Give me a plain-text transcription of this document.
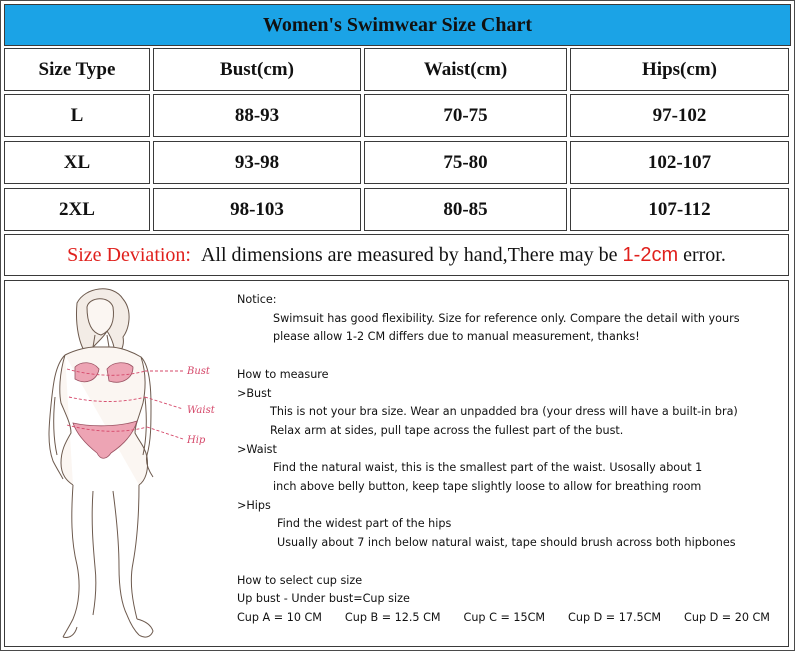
Women's Swimwear Size Chart
Size Type	Bust(cm)	Waist(cm)	Hips(cm)
L	88-93	70-75	97-102
XL	93-98	75-80	102-107
2XL	98-103	80-85	107-112
Size Deviation:
All dimensions are measured by hand,There may be
1-2cm
error.
Bust
Waist
Hip
Notice:
Swimsuit has good flexibility. Size for reference only. Compare the detail with yours
please allow 1-2 CM differs due to manual measurement, thanks!
How to measure
>Bust
This is not your bra size. Wear an unpadded bra (your dress will have a built-in bra)
Relax arm at sides, pull tape across the fullest part of the bust.
>Waist
Find the natural waist, this is the smallest part of the waist. Usosally about 1
inch above belly button, keep tape slightly loose to allow for breathing room
>Hips
Find the widest part of the hips
Usually about 7 inch below natural waist, tape should brush across both hipbones
How to select cup size
Up bust - Under bust=Cup size
Cup A = 10 CM Cup B = 12.5 CM Cup C = 15CM Cup D = 17.5CM Cup D = 20 CM
